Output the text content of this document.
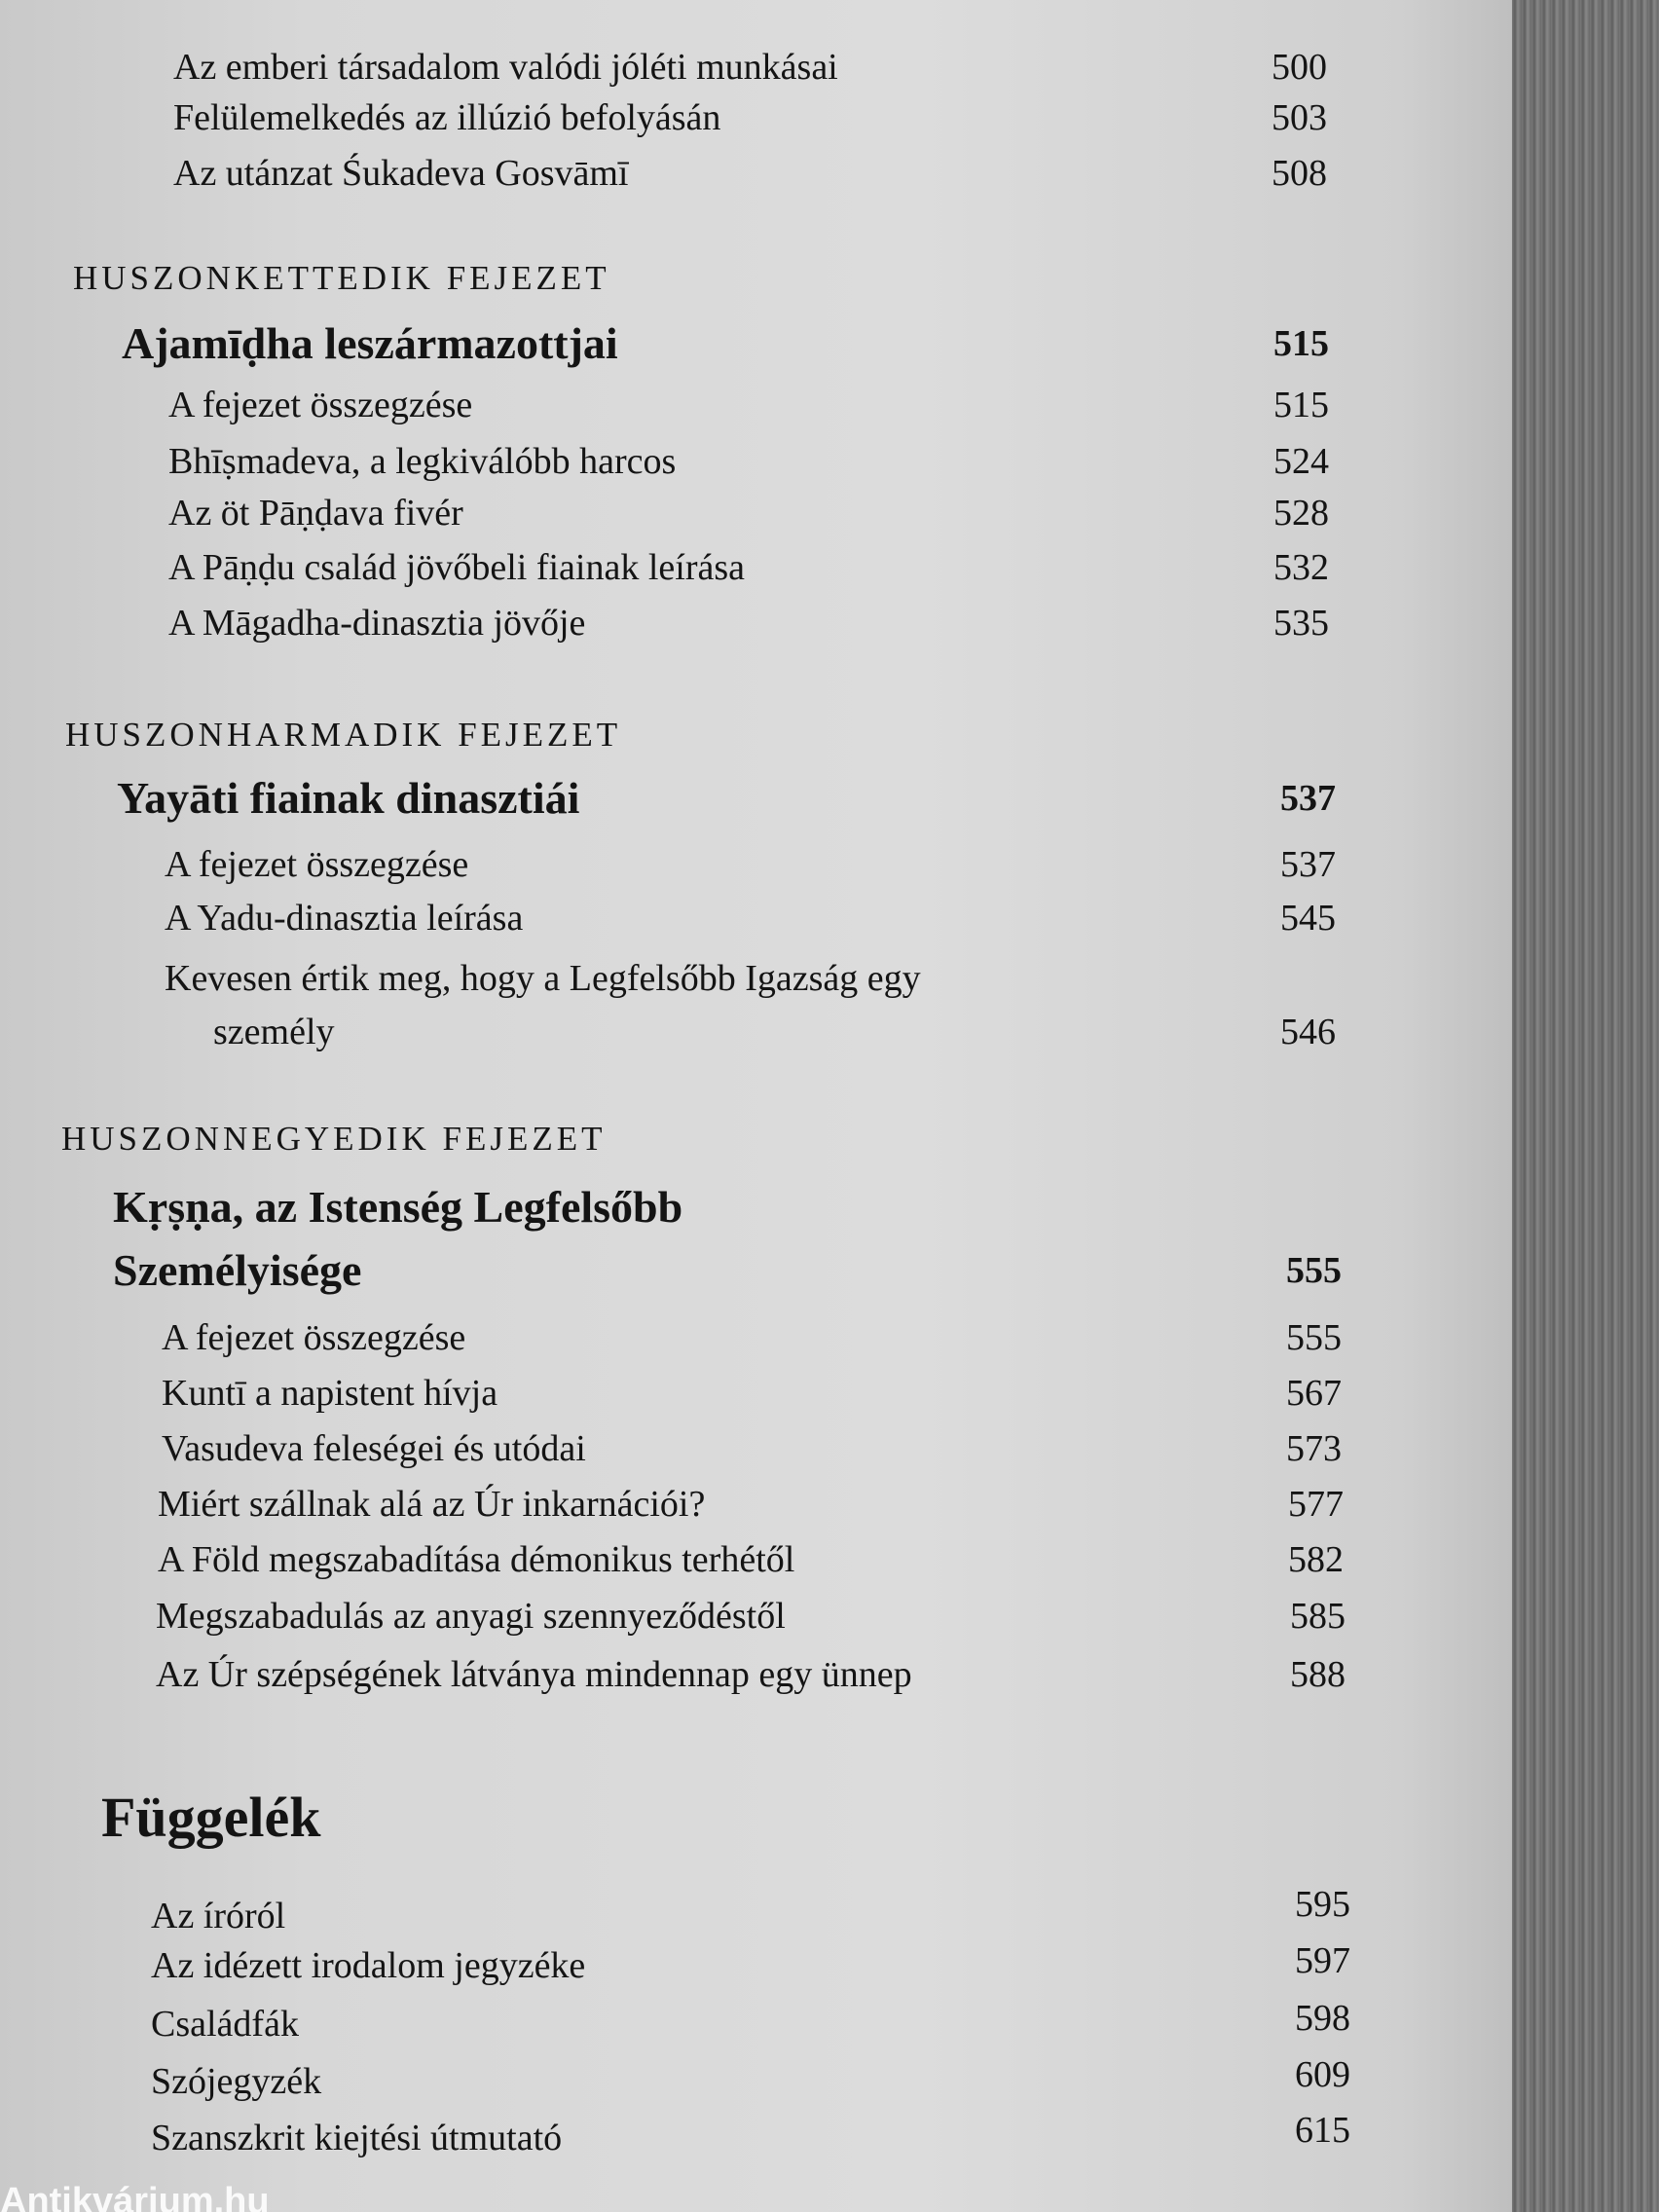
Az emberi társadalom valódi jóléti munkásai	500
Felülemelkedés az illúzió befolyásán	503
Az utánzat Śukadeva Gosvāmī	508
HUSZONKETTEDIK FEJEZET
Ajamīḍha leszármazottjai	515
A fejezet összegzése	515
Bhīṣmadeva, a legkiválóbb harcos	524
Az öt Pāṇḍava fivér	528
A Pāṇḍu család jövőbeli fiainak leírása	532
A Māgadha-dinasztia jövője	535
HUSZONHARMADIK FEJEZET
Yayāti fiainak dinasztiái	537
A fejezet összegzése	537
A Yadu-dinasztia leírása	545
Kevesen értik meg, hogy a Legfelsőbb Igazság egy
személy	546
HUSZONNEGYEDIK FEJEZET
Kṛṣṇa, az Istenség Legfelsőbb
Személyisége	555
A fejezet összegzése	555
Kuntī a napistent hívja	567
Vasudeva feleségei és utódai	573
Miért szállnak alá az Úr inkarnációi?	577
A Föld megszabadítása démonikus terhétől	582
Megszabadulás az anyagi szennyeződéstől	585
Az Úr szépségének látványa mindennap egy ünnep	588
Függelék
Az íróról	595
Az idézett irodalom jegyzéke	597
Családfák	598
Szójegyzék	609
Szanszkrit kiejtési útmutató	615
Antikvárium.hu
